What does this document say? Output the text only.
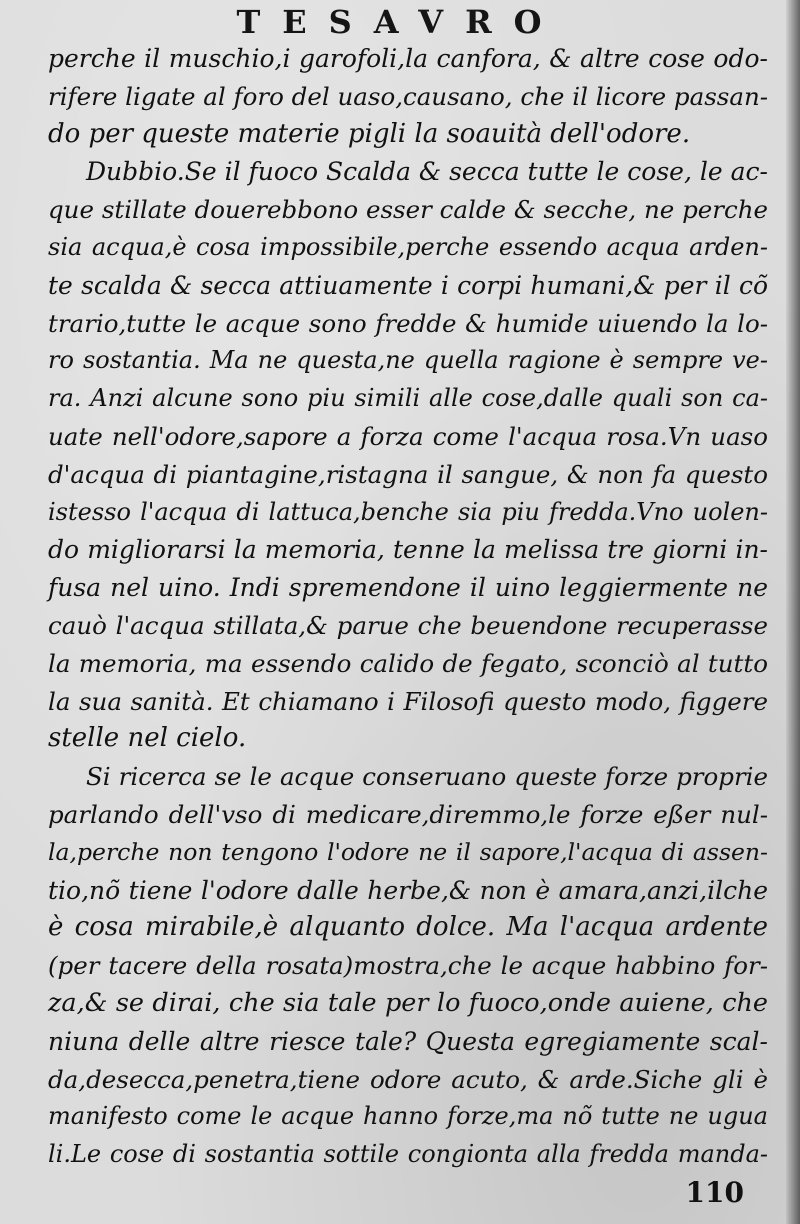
TESAVRO
perche il muschio,i garofoli,la canfora, & altre cose odo-
rifere ligate al foro del uaso,causano, che il licore passan-
do per queste materie pigli la soauità dell'odore.
Dubbio.Se il fuoco Scalda & secca tutte le cose, le ac-
que stillate douerebbono esser calde & secche, ne perche
sia acqua,è cosa impossibile,perche essendo acqua arden-
te scalda & secca attiuamente i corpi humani,& per il cõ
trario,tutte le acque sono fredde & humide uiuendo la lo-
ro sostantia. Ma ne questa,ne quella ragione è sempre ve-
ra. Anzi alcune sono piu simili alle cose,dalle quali son ca-
uate nell'odore,sapore a forza come l'acqua rosa.Vn uaso
d'acqua di piantagine,ristagna il sangue, & non fa questo
istesso l'acqua di lattuca,benche sia piu fredda.Vno uolen-
do migliorarsi la memoria, tenne la melissa tre giorni in-
fusa nel uino. Indi spremendone il uino leggiermente ne
cauò l'acqua stillata,& parue che beuendone recuperasse
la memoria, ma essendo calido de fegato, sconciò al tutto
la sua sanità. Et chiamano i Filosofi questo modo, figgere
stelle nel cielo.
Si ricerca se le acque conseruano queste forze proprie
parlando dell'vso di medicare,diremmo,le forze eßer nul-
la,perche non tengono l'odore ne il sapore,l'acqua di assen-
tio,nõ tiene l'odore dalle herbe,& non è amara,anzi,ilche
è cosa mirabile,è alquanto dolce. Ma l'acqua ardente
(per tacere della rosata)mostra,che le acque habbino for-
za,& se dirai, che sia tale per lo fuoco,onde auiene, che
niuna delle altre riesce tale? Questa egregiamente scal-
da,desecca,penetra,tiene odore acuto, & arde.Siche gli è
manifesto come le acque hanno forze,ma nõ tutte ne ugua
li.Le cose di sostantia sottile congionta alla fredda manda-

110
